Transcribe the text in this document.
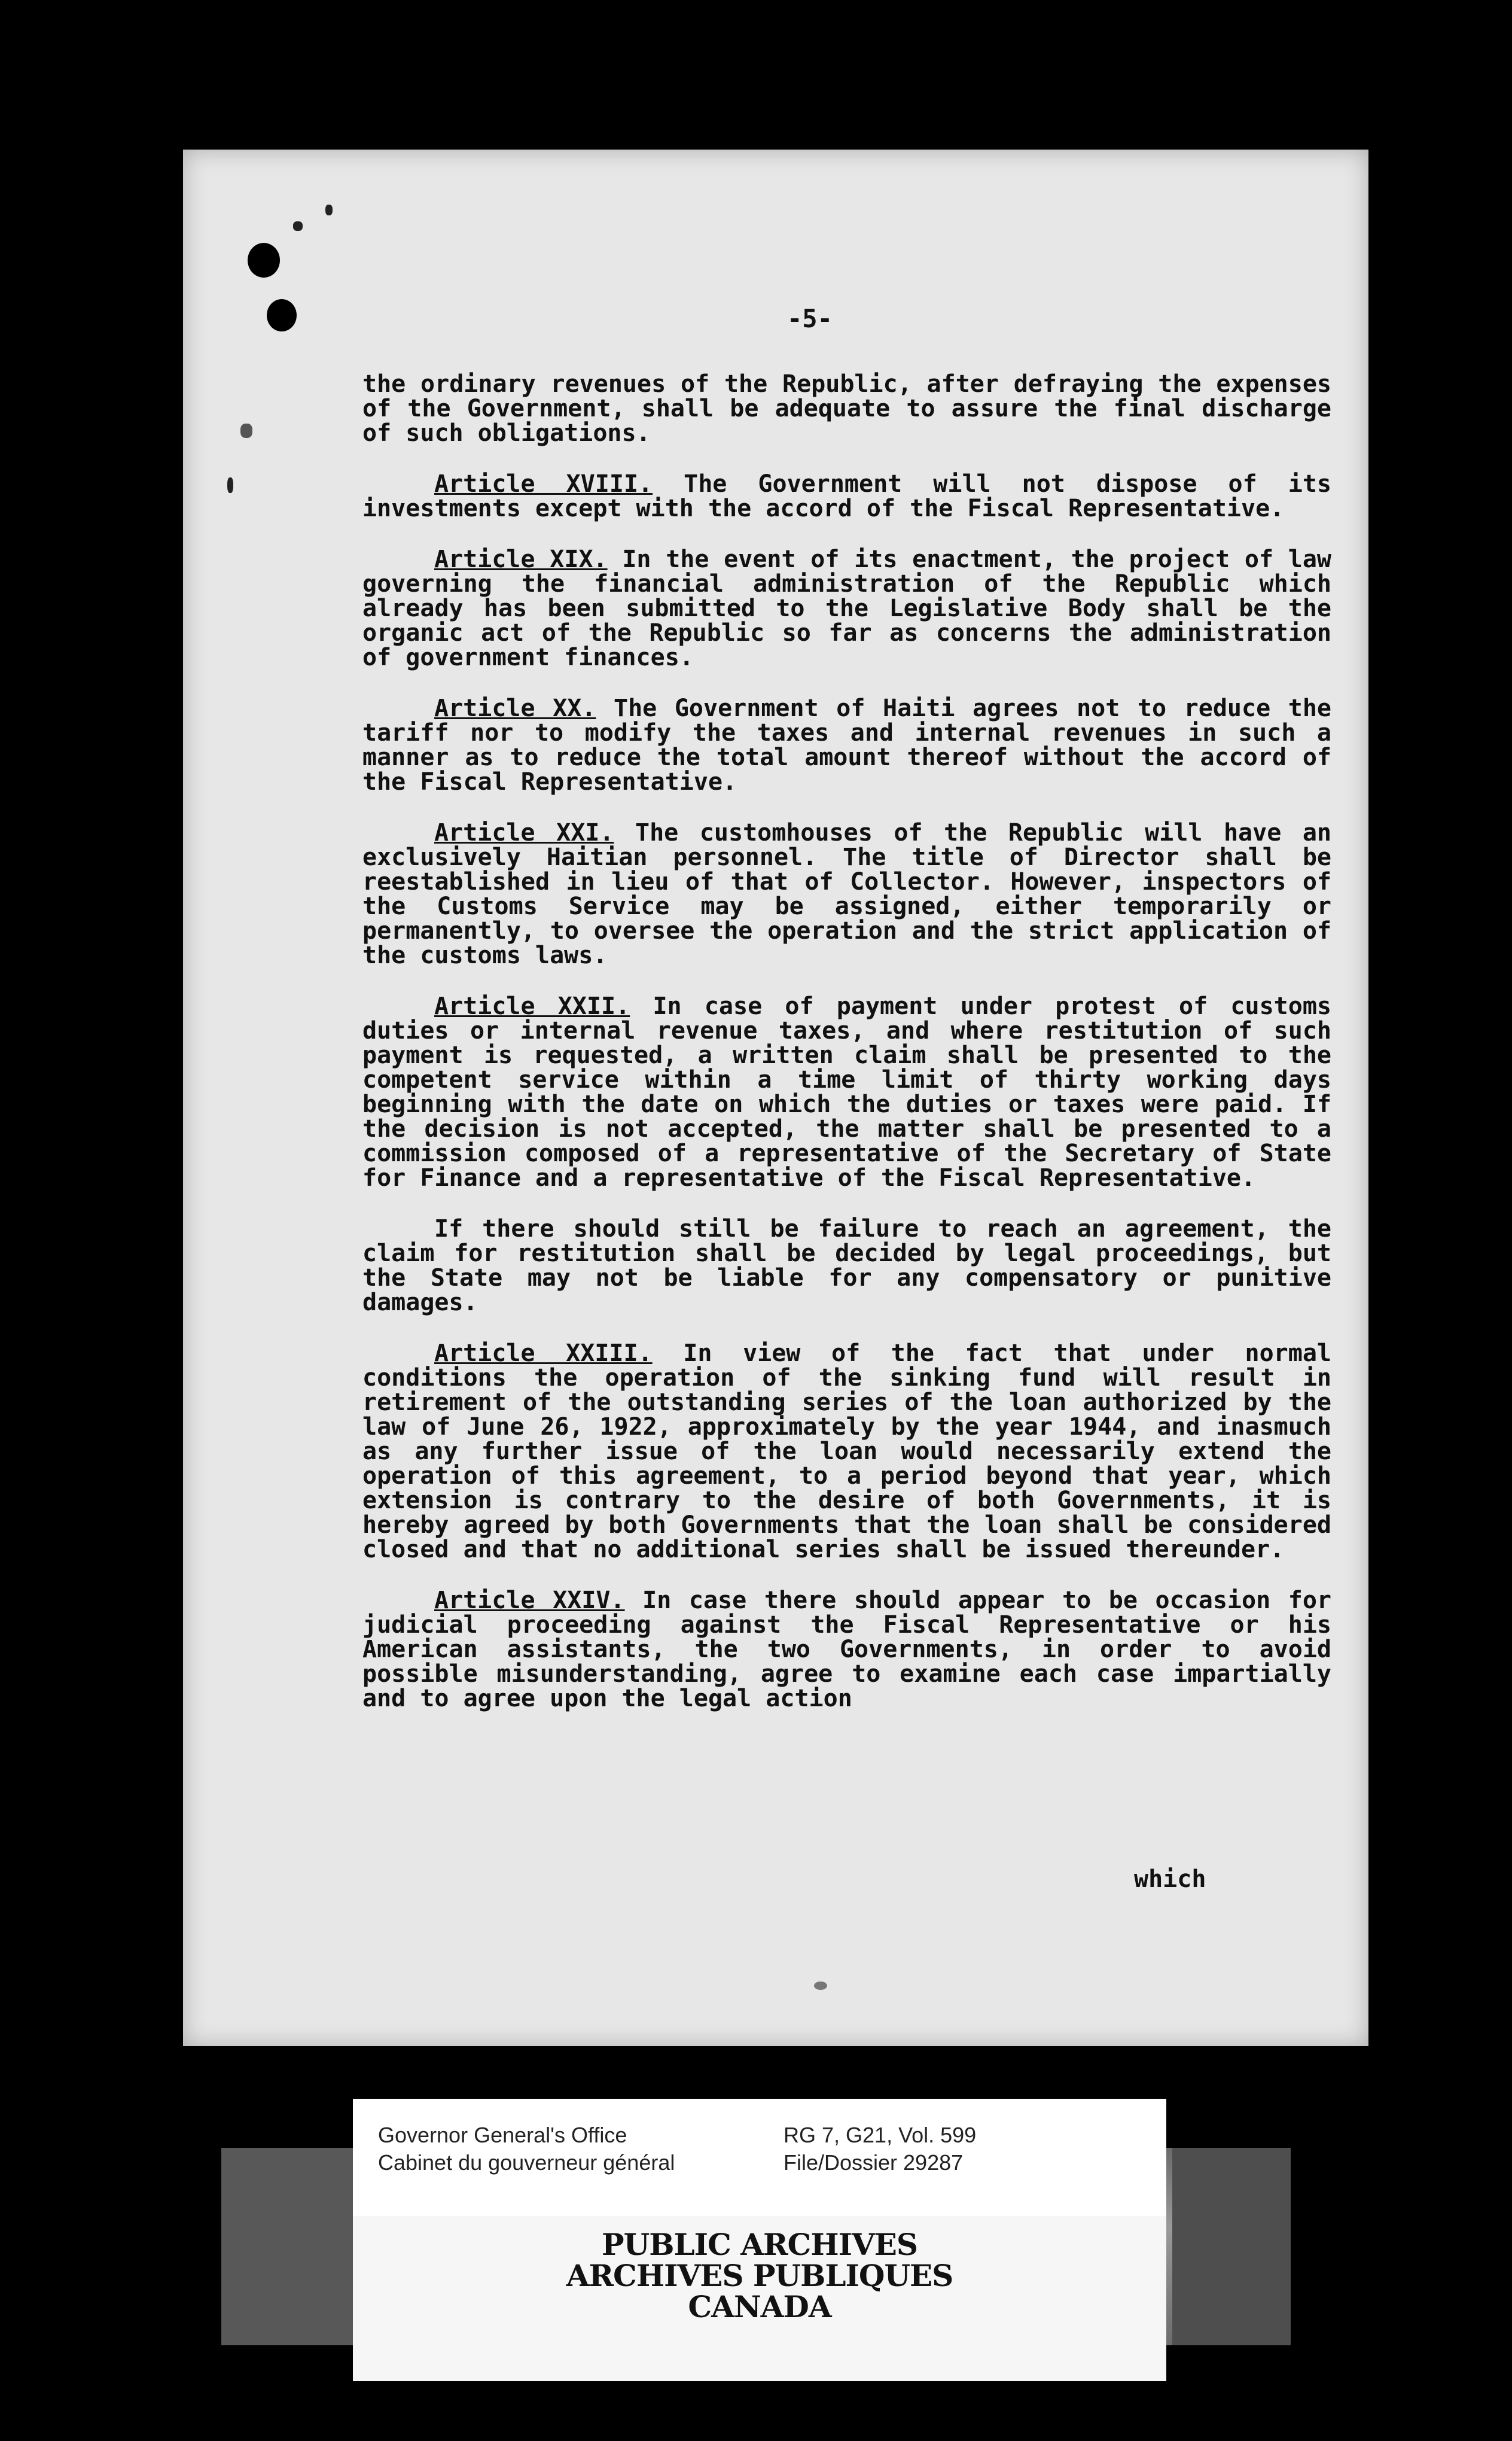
-5-

the ordinary revenues of the Republic, after defraying the expenses of the Government, shall be adequate to assure the final discharge of such obligations.

Article XVIII. The Government will not dispose of its investments except with the accord of the Fiscal Representative.

Article XIX. In the event of its enactment, the project of law governing the financial administration of the Republic which already has been submitted to the Legislative Body shall be the organic act of the Republic so far as concerns the administration of government finances.

Article XX. The Government of Haiti agrees not to reduce the tariff nor to modify the taxes and internal revenues in such a manner as to reduce the total amount thereof without the accord of the Fiscal Representative.

Article XXI. The customhouses of the Republic will have an exclusively Haitian personnel. The title of Director shall be reestablished in lieu of that of Collector. However, inspectors of the Customs Service may be assigned, either temporarily or permanently, to oversee the operation and the strict application of the customs laws.

Article XXII. In case of payment under protest of customs duties or internal revenue taxes, and where restitution of such payment is requested, a written claim shall be presented to the competent service within a time limit of thirty working days beginning with the date on which the duties or taxes were paid. If the decision is not accepted, the matter shall be presented to a commission composed of a representative of the Secretary of State for Finance and a representative of the Fiscal Representative.

If there should still be failure to reach an agreement, the claim for restitution shall be decided by legal proceedings, but the State may not be liable for any compensatory or punitive damages.

Article XXIII. In view of the fact that under normal conditions the operation of the sinking fund will result in retirement of the outstanding series of the loan authorized by the law of June 26, 1922, approximately by the year 1944, and inasmuch as any further issue of the loan would necessarily extend the operation of this agreement, to a period beyond that year, which extension is contrary to the desire of both Governments, it is hereby agreed by both Governments that the loan shall be considered closed and that no additional series shall be issued thereunder.

Article XXIV. In case there should appear to be occasion for judicial proceeding against the Fiscal Representative or his American assistants, the two Governments, in order to avoid possible misunderstanding, agree to examine each case impartially and to agree upon the legal action

which
Governor General's Office
Cabinet du gouverneur général
RG 7, G21, Vol. 599
File/Dossier 29287
PUBLIC ARCHIVES
ARCHIVES PUBLIQUES
CANADA
